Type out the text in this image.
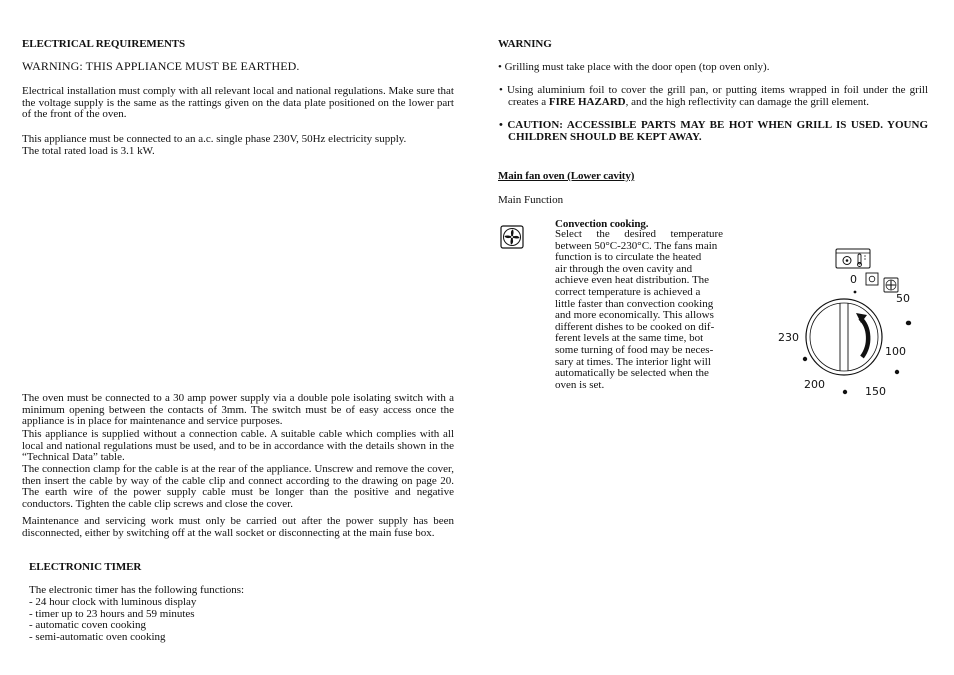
ELECTRICAL REQUIREMENTS
WARNING: THIS APPLIANCE MUST BE EARTHED.
Electrical installation must comply with all relevant local and national regulations. Make sure that the voltage supply is the same as the rattings given on the data plate positioned on the lower part of the front of the oven.
This appliance must be connected to an a.c. single phase 230V, 50Hz electricity supply.
The total rated load is 3.1 kW.
The oven must be connected to a 30 amp power supply via a double pole isolating switch with a minimum opening between the contacts of 3mm. The switch must be of easy access once the appliance is in place for maintenance and service purposes.
This appliance is supplied without a connection cable. A suitable cable which complies with all local and national regulations must be used, and to be in accordance with the details shown in the “Technical Data” table.
The connection clamp for the cable is at the rear of the appliance. Unscrew and remove the cover, then insert the cable by way of the cable clip and connect according to the drawing on page 20. The earth wire of the power supply cable must be longer than the positive and negative conductors. Tighten the cable clip screws and close the cover.
Maintenance and servicing work must only be carried out after the power supply has been disconnected, either by switching off at the wall socket or disconnecting at the main fuse box.
ELECTRONIC TIMER
The electronic timer has the following functions:
- 24 hour clock with luminous display
- timer up to 23 hours and 59 minutes
- automatic coven cooking
- semi-automatic oven cooking
WARNING
• Grilling must take place with the door open (top oven only).
• Using aluminium foil to cover the grill pan, or putting items wrapped in foil under the grill creates a FIRE HAZARD, and the high reflectivity can damage the grill element.
• CAUTION: ACCESSIBLE PARTS MAY BE HOT WHEN GRILL IS USED. YOUNG CHILDREN SHOULD BE KEPT AWAY.
Main fan oven (Lower cavity)
Main Function
Convection cooking.
Select the desired temperature
between 50°C-230°C. The fans main
function is to circulate the heated
air through the oven cavity and
achieve even heat distribution. The
correct temperature is achieved a
little faster than convection cooking
and more economically. This allows
different dishes to be cooked on dif-
ferent levels at the same time, bot
some turning of food may be neces-
sary at times. The interior light will
automatically be selected when the
oven is set.
0
50
100
150
200
230
